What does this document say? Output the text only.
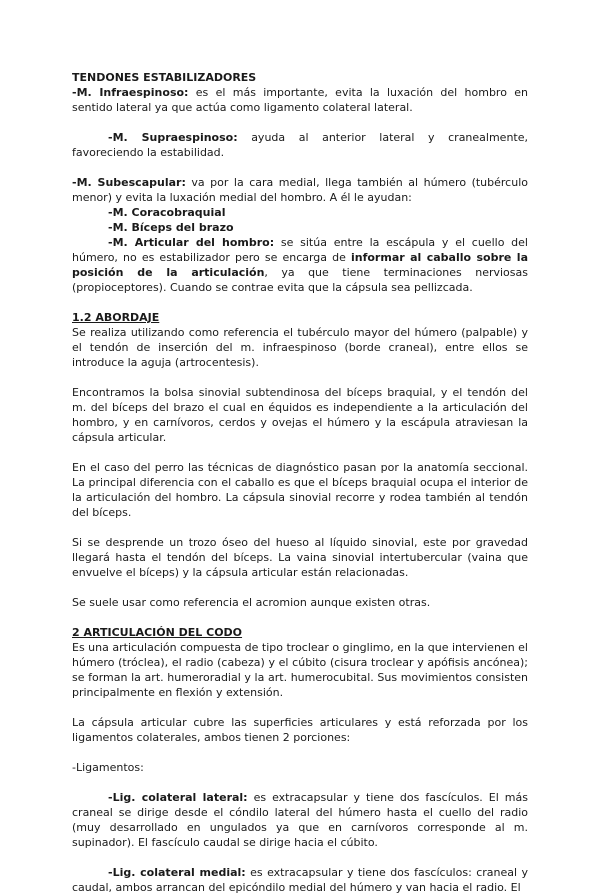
TENDONES ESTABILIZADORES

-M. Infraespinoso: es el más importante, evita la luxación del hombro en sentido lateral ya que actúa como ligamento colateral lateral.

-M. Supraespinoso: ayuda al anterior lateral y cranealmente, favoreciendo la estabilidad.

-M. Subescapular: va por la cara medial, llega también al húmero (tubérculo menor) y evita la luxación medial del hombro. A él le ayudan:

-M. Coracobraquial

-M. Bíceps del brazo

-M. Articular del hombro: se sitúa entre la escápula y el cuello del húmero, no es estabilizador pero se encarga de informar al caballo sobre la posición de la articulación, ya que tiene terminaciones nerviosas (propioceptores). Cuando se contrae evita que la cápsula sea pellizcada.

1.2 ABORDAJE

Se realiza utilizando como referencia el tubérculo mayor del húmero (palpable) y el tendón de inserción del m. infraespinoso (borde craneal), entre ellos se introduce la aguja (artrocentesis).

Encontramos la bolsa sinovial subtendinosa del bíceps braquial, y el tendón del m. del bíceps del brazo el cual en équidos es independiente a la articulación del hombro, y en carnívoros, cerdos y ovejas el húmero y la escápula atraviesan la cápsula articular.

En el caso del perro las técnicas de diagnóstico pasan por la anatomía seccional. La principal diferencia con el caballo es que el bíceps braquial ocupa el interior de la articulación del hombro. La cápsula sinovial recorre y rodea también al tendón del bíceps.

Si se desprende un trozo óseo del hueso al líquido sinovial, este por gravedad llegará hasta el tendón del bíceps. La vaina sinovial intertubercular (vaina que envuelve el bíceps) y la cápsula articular están relacionadas.

Se suele usar como referencia el acromion aunque existen otras.

2 ARTICULACIÓN DEL CODO

Es una articulación compuesta de tipo troclear o ginglimo, en la que intervienen el húmero (tróclea), el radio (cabeza) y el cúbito (cisura troclear y apófisis ancónea); se forman la art. humeroradial y la art. humerocubital. Sus movimientos consisten principalmente en flexión y extensión.

La cápsula articular cubre las superficies articulares y está reforzada por los ligamentos colaterales, ambos tienen 2 porciones:

-Ligamentos:

-Lig. colateral lateral: es extracapsular y tiene dos fascículos. El más craneal se dirige desde el cóndilo lateral del húmero hasta el cuello del radio (muy desarrollado en ungulados ya que en carnívoros corresponde al m. supinador). El fascículo caudal se dirige hacia el cúbito.

-Lig. colateral medial: es extracapsular y tiene dos fascículos: craneal y caudal, ambos arrancan del epicóndilo medial del húmero y van hacia el radio. El
